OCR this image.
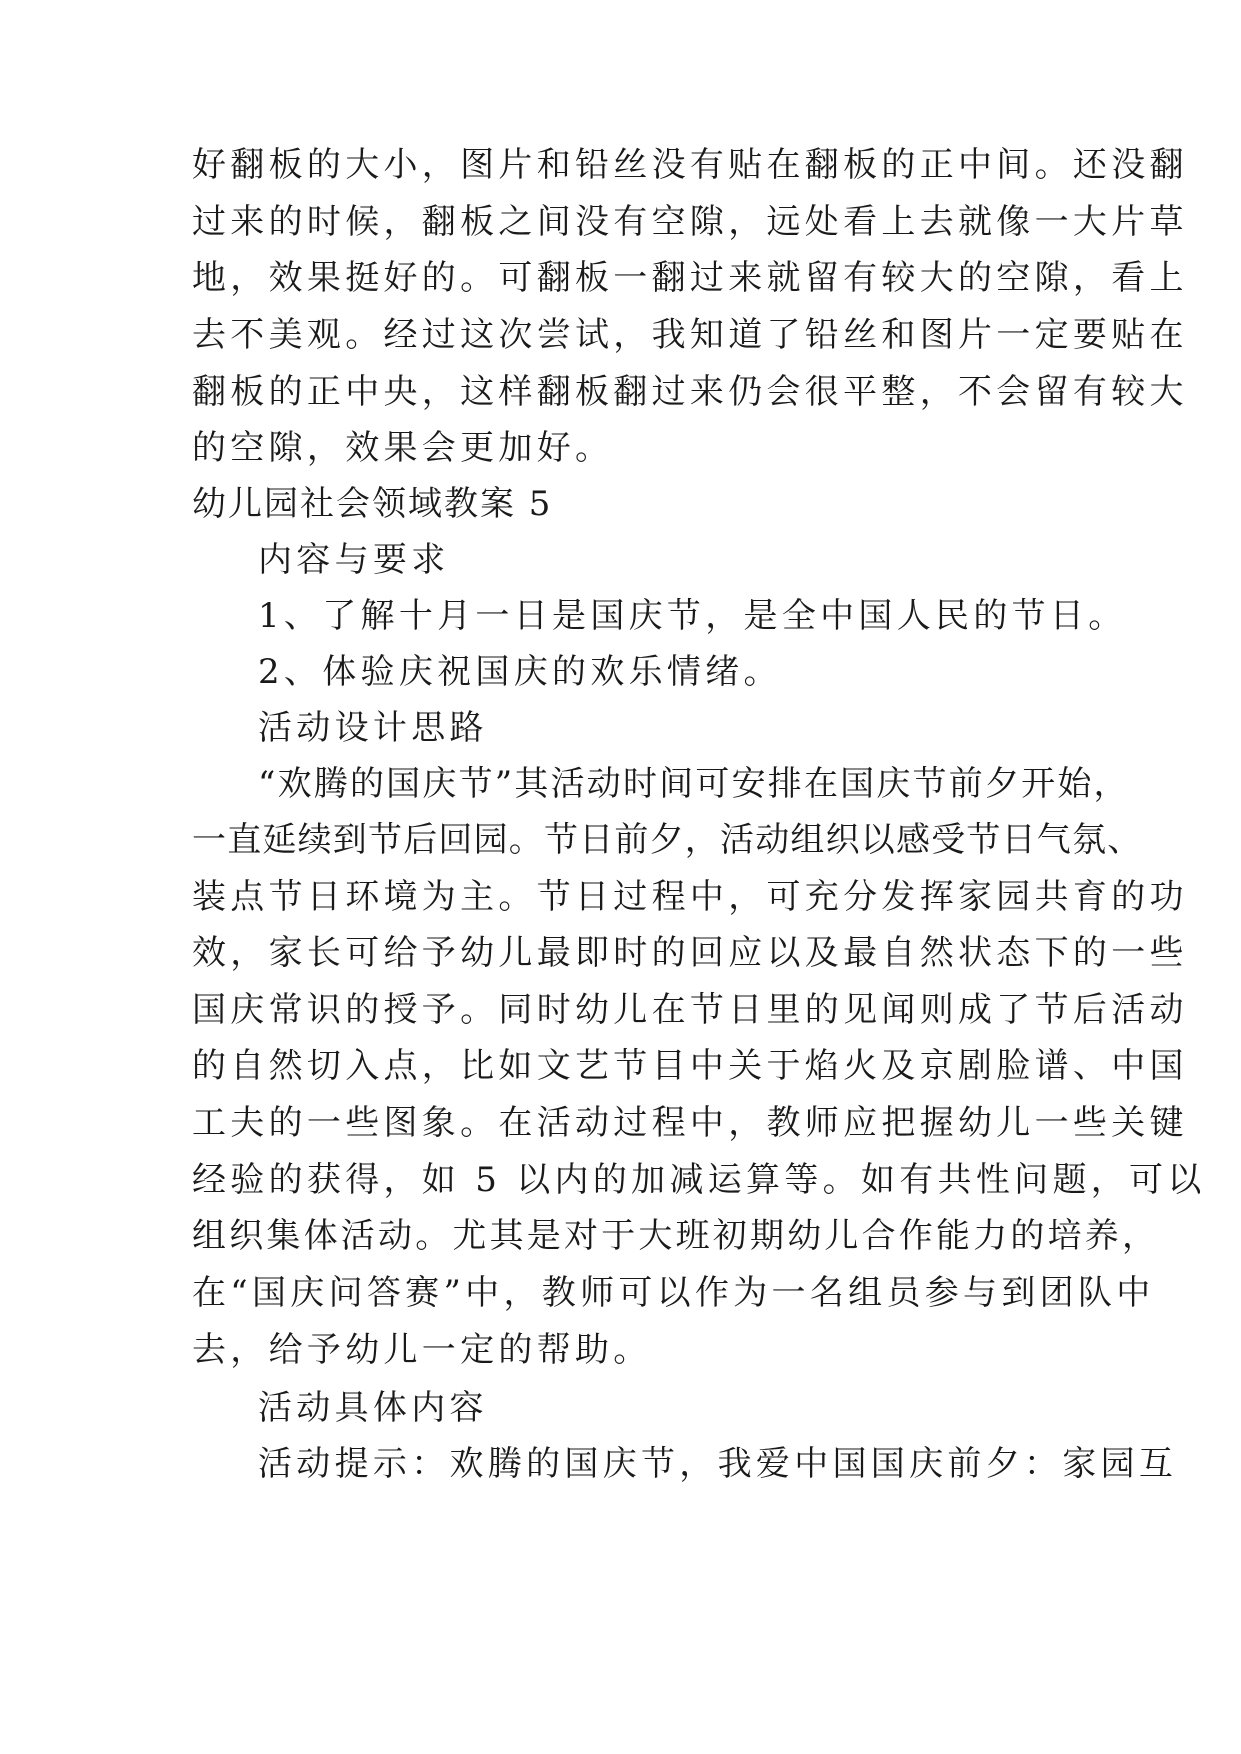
好翻板的大小，图片和铅丝没有贴在翻板的正中间。还没翻
过来的时候，翻板之间没有空隙，远处看上去就像一大片草
地，效果挺好的。可翻板一翻过来就留有较大的空隙，看上
去不美观。经过这次尝试，我知道了铅丝和图片一定要贴在
翻板的正中央，这样翻板翻过来仍会很平整，不会留有较大
的空隙，效果会更加好。
幼儿园社会领域教案 5
内容与要求
1、了解十月一日是国庆节，是全中国人民的节日。
2、体验庆祝国庆的欢乐情绪。
活动设计思路
“欢腾的国庆节”其活动时间可安排在国庆节前夕开始，
一直延续到节后回园。节日前夕，活动组织以感受节日气氛、
装点节日环境为主。节日过程中，可充分发挥家园共育的功
效，家长可给予幼儿最即时的回应以及最自然状态下的一些
国庆常识的授予。同时幼儿在节日里的见闻则成了节后活动
的自然切入点，比如文艺节目中关于焰火及京剧脸谱、中国
工夫的一些图象。在活动过程中，教师应把握幼儿一些关键
经验的获得，如 5 以内的加减运算等。如有共性问题，可以
组织集体活动。尤其是对于大班初期幼儿合作能力的培养，
在“国庆问答赛”中，教师可以作为一名组员参与到团队中
去，给予幼儿一定的帮助。
活动具体内容
活动提示：欢腾的国庆节，我爱中国国庆前夕：家园互
